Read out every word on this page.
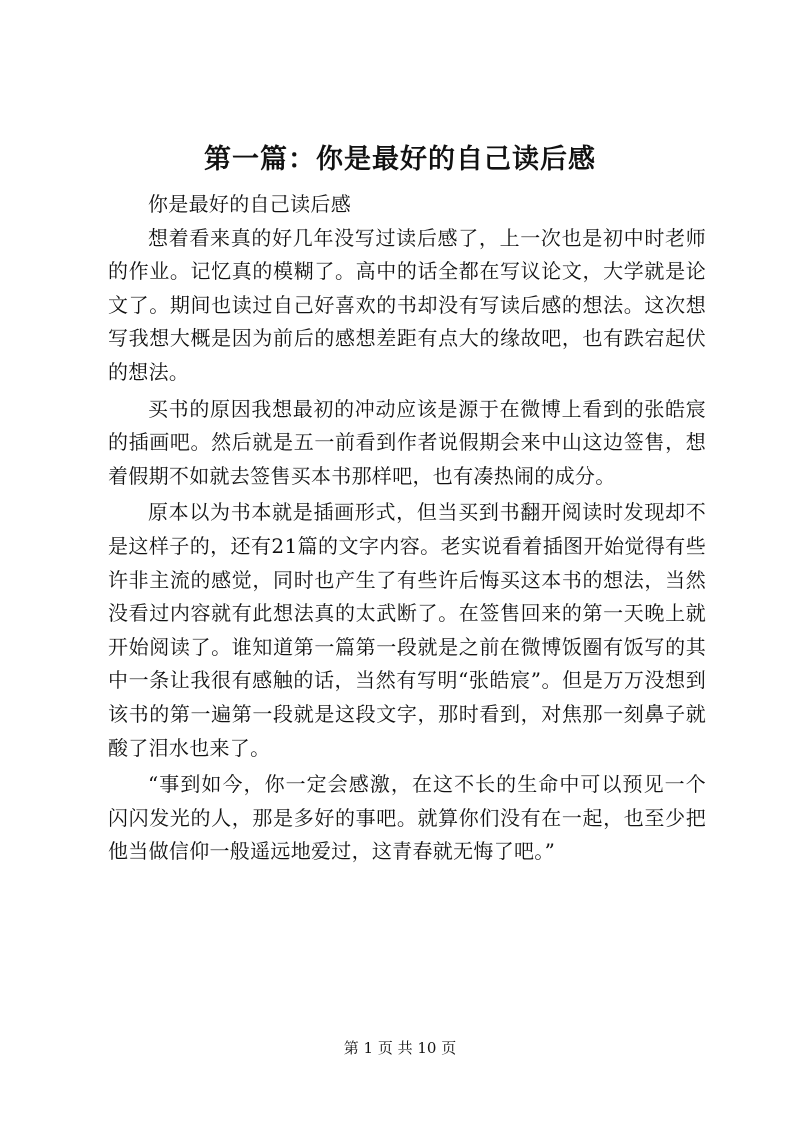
第一篇：你是最好的自己读后感

你是最好的自己读后感

想着看来真的好几年没写过读后感了，上一次也是初中时老师的作业。记忆真的模糊了。高中的话全都在写议论文，大学就是论文了。期间也读过自己好喜欢的书却没有写读后感的想法。这次想写我想大概是因为前后的感想差距有点大的缘故吧，也有跌宕起伏的想法。

买书的原因我想最初的冲动应该是源于在微博上看到的张皓宸的插画吧。然后就是五一前看到作者说假期会来中山这边签售，想着假期不如就去签售买本书那样吧，也有凑热闹的成分。

原本以为书本就是插画形式，但当买到书翻开阅读时发现却不是这样子的，还有21篇的文字内容。老实说看着插图开始觉得有些许非主流的感觉，同时也产生了有些许后悔买这本书的想法，当然没看过内容就有此想法真的太武断了。在签售回来的第一天晚上就开始阅读了。谁知道第一篇第一段就是之前在微博饭圈有饭写的其中一条让我很有感触的话，当然有写明“张皓宸”。但是万万没想到该书的第一遍第一段就是这段文字，那时看到，对焦那一刻鼻子就酸了泪水也来了。

“事到如今，你一定会感激，在这不长的生命中可以预见一个闪闪发光的人，那是多好的事吧。就算你们没有在一起，也至少把他当做信仰一般遥远地爱过，这青春就无悔了吧。”

第 1 页 共 10 页
